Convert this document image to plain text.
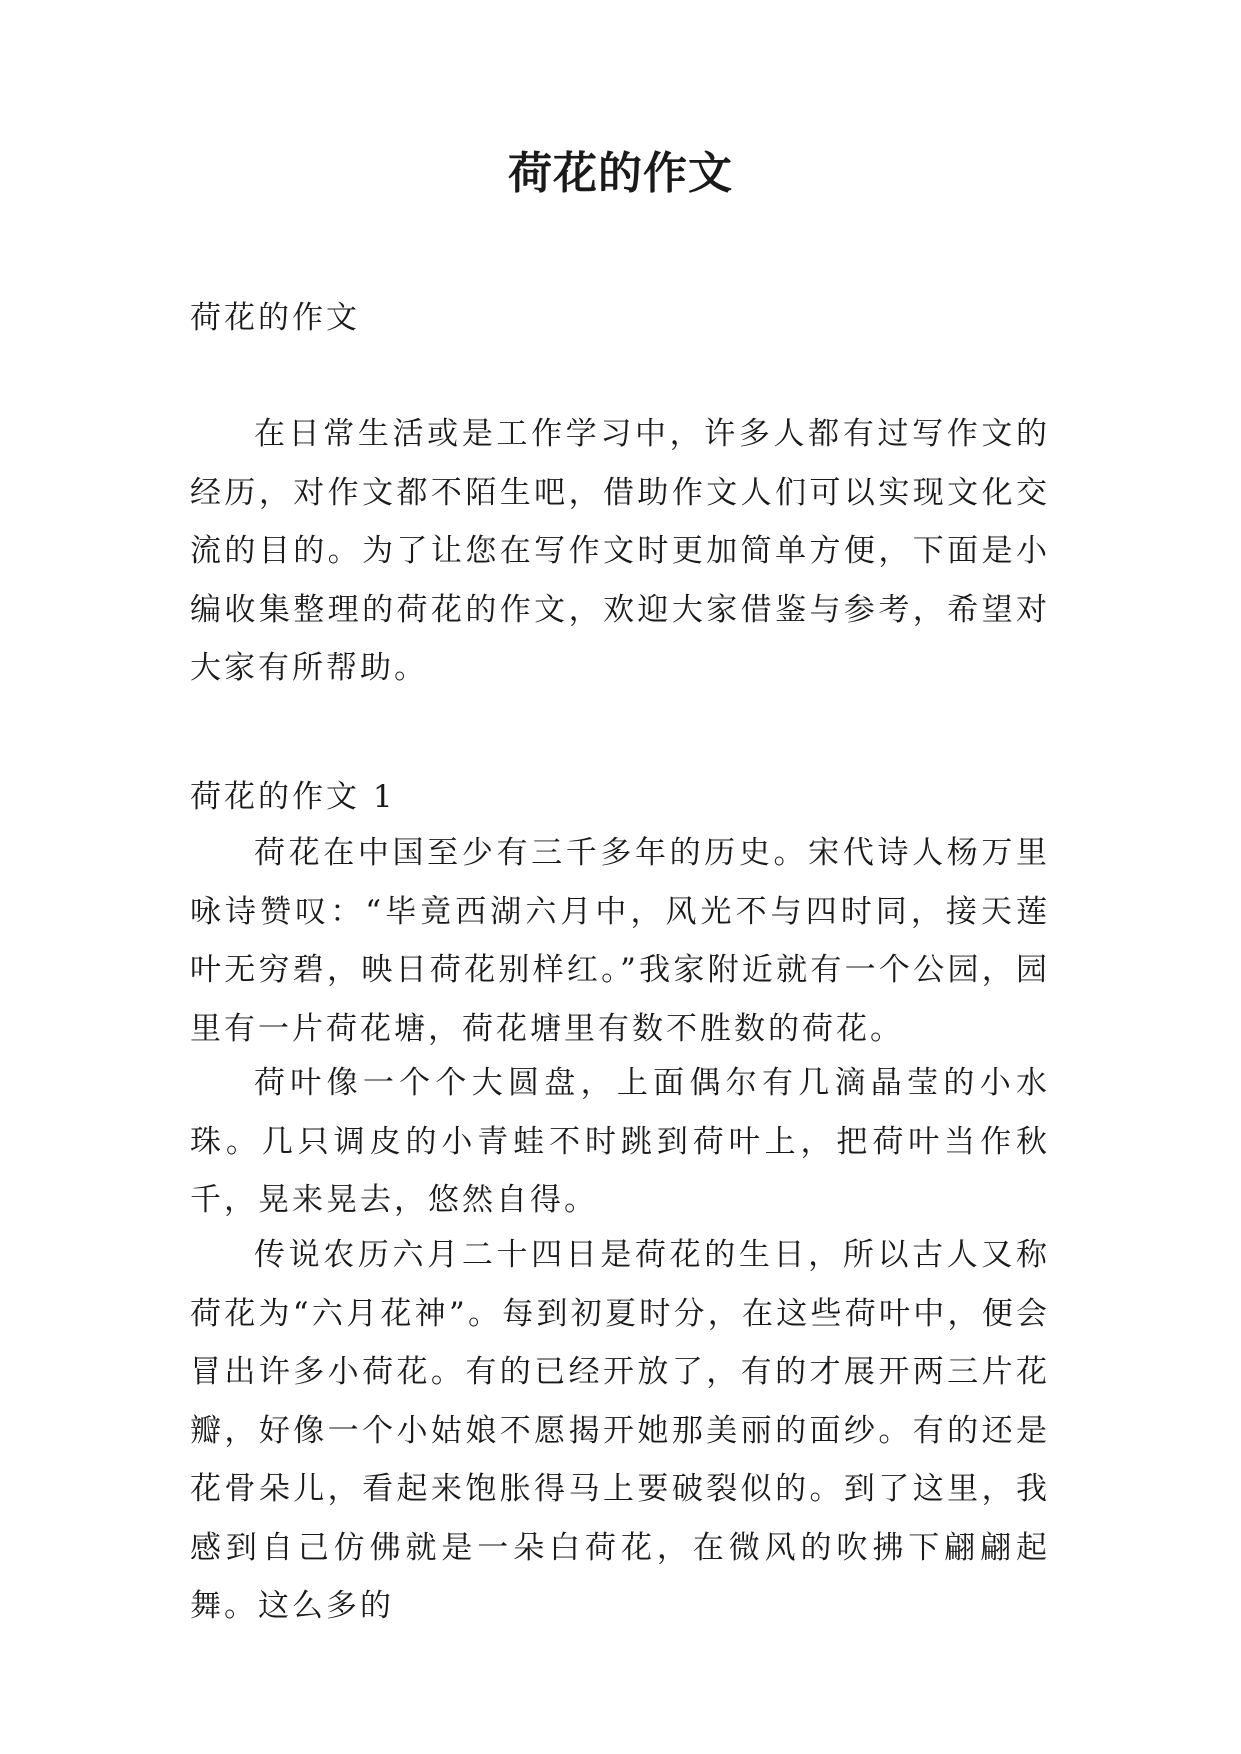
荷花的作文
荷花的作文
在日常生活或是工作学习中，许多人都有过写作文的经历，对作文都不陌生吧，借助作文人们可以实现文化交流的目的。为了让您在写作文时更加简单方便，下面是小编收集整理的荷花的作文，欢迎大家借鉴与参考，希望对大家有所帮助。
荷花的作文 1
荷花在中国至少有三千多年的历史。宋代诗人杨万里咏诗赞叹：“毕竟西湖六月中，风光不与四时同，接天莲叶无穷碧，映日荷花别样红。”我家附近就有一个公园，园里有一片荷花塘，荷花塘里有数不胜数的荷花。
荷叶像一个个大圆盘，上面偶尔有几滴晶莹的小水珠。几只调皮的小青蛙不时跳到荷叶上，把荷叶当作秋千，晃来晃去，悠然自得。
传说农历六月二十四日是荷花的生日，所以古人又称荷花为“六月花神”。每到初夏时分，在这些荷叶中，便会冒出许多小荷花。有的已经开放了，有的才展开两三片花瓣，好像一个小姑娘不愿揭开她那美丽的面纱。有的还是花骨朵儿，看起来饱胀得马上要破裂似的。到了这里，我感到自己仿佛就是一朵白荷花，在微风的吹拂下翩翩起舞。这么多的
